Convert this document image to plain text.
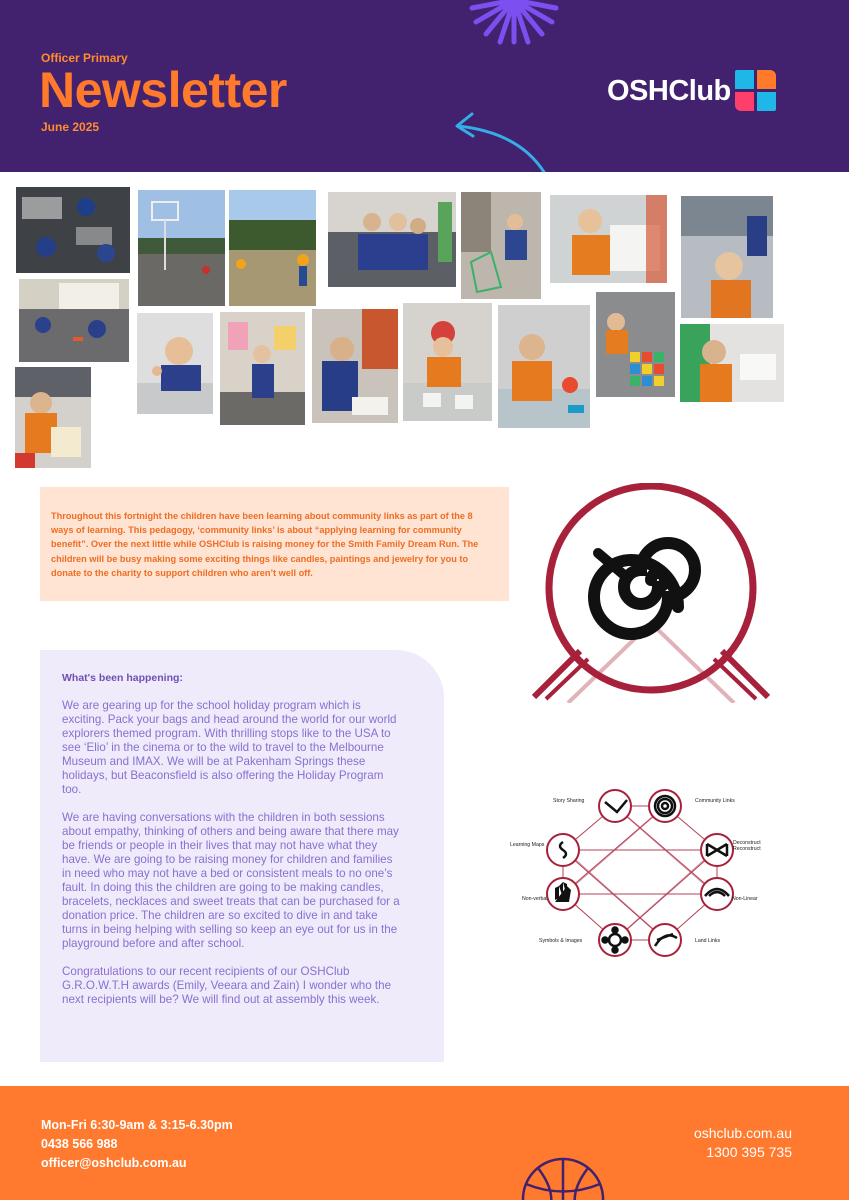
Officer Primary
Newsletter
June 2025
OSHClub

Throughout this fortnight the children have been learning about community links as part of the 8 ways of learning. This pedagogy, ‘community links’ is about “applying learning for community benefit”. Over the next little while OSHClub is raising money for the Smith Family Dream Run. The children will be busy making some exciting things like candles, paintings and jewelry for you to donate to the charity to support children who aren’t well off.

What's been happening:

We are gearing up for the school holiday program which is exciting. Pack your bags and head around the world for our world explorers themed program. With thrilling stops like to the USA to see ‘Elio’ in the cinema or to the wild to travel to the Melbourne Museum and IMAX. We will be at Pakenham Springs these holidays, but Beaconsfield is also offering the Holiday Program too.

We are having conversations with the children in both sessions about empathy, thinking of others and being aware that there may be friends or people in their lives that may not have what they have. We are going to be raising money for children and families in need who may not have a bed or consistent meals to no one’s fault. In doing this the children are going to be making candles, bracelets, necklaces and sweet treats that can be purchased for a donation price. The children are so excited to dive in and take turns in being helping with selling so keep an eye out for us in the playground before and after school.

Congratulations to our recent recipients of our OSHClub G.R.O.W.T.H awards (Emily, Veeara and Zain) I wonder who the next recipients will be? We will find out at assembly this week.

Story Sharing	Community Links
Learning Maps	Deconstruct Reconstruct
Non-verbal	Non-Linear
Symbols & Images	Land Links
Mon-Fri 6:30-9am & 3:15-6.30pm
0438 566 988
officer@oshclub.com.au
oshclub.com.au
1300 395 735
